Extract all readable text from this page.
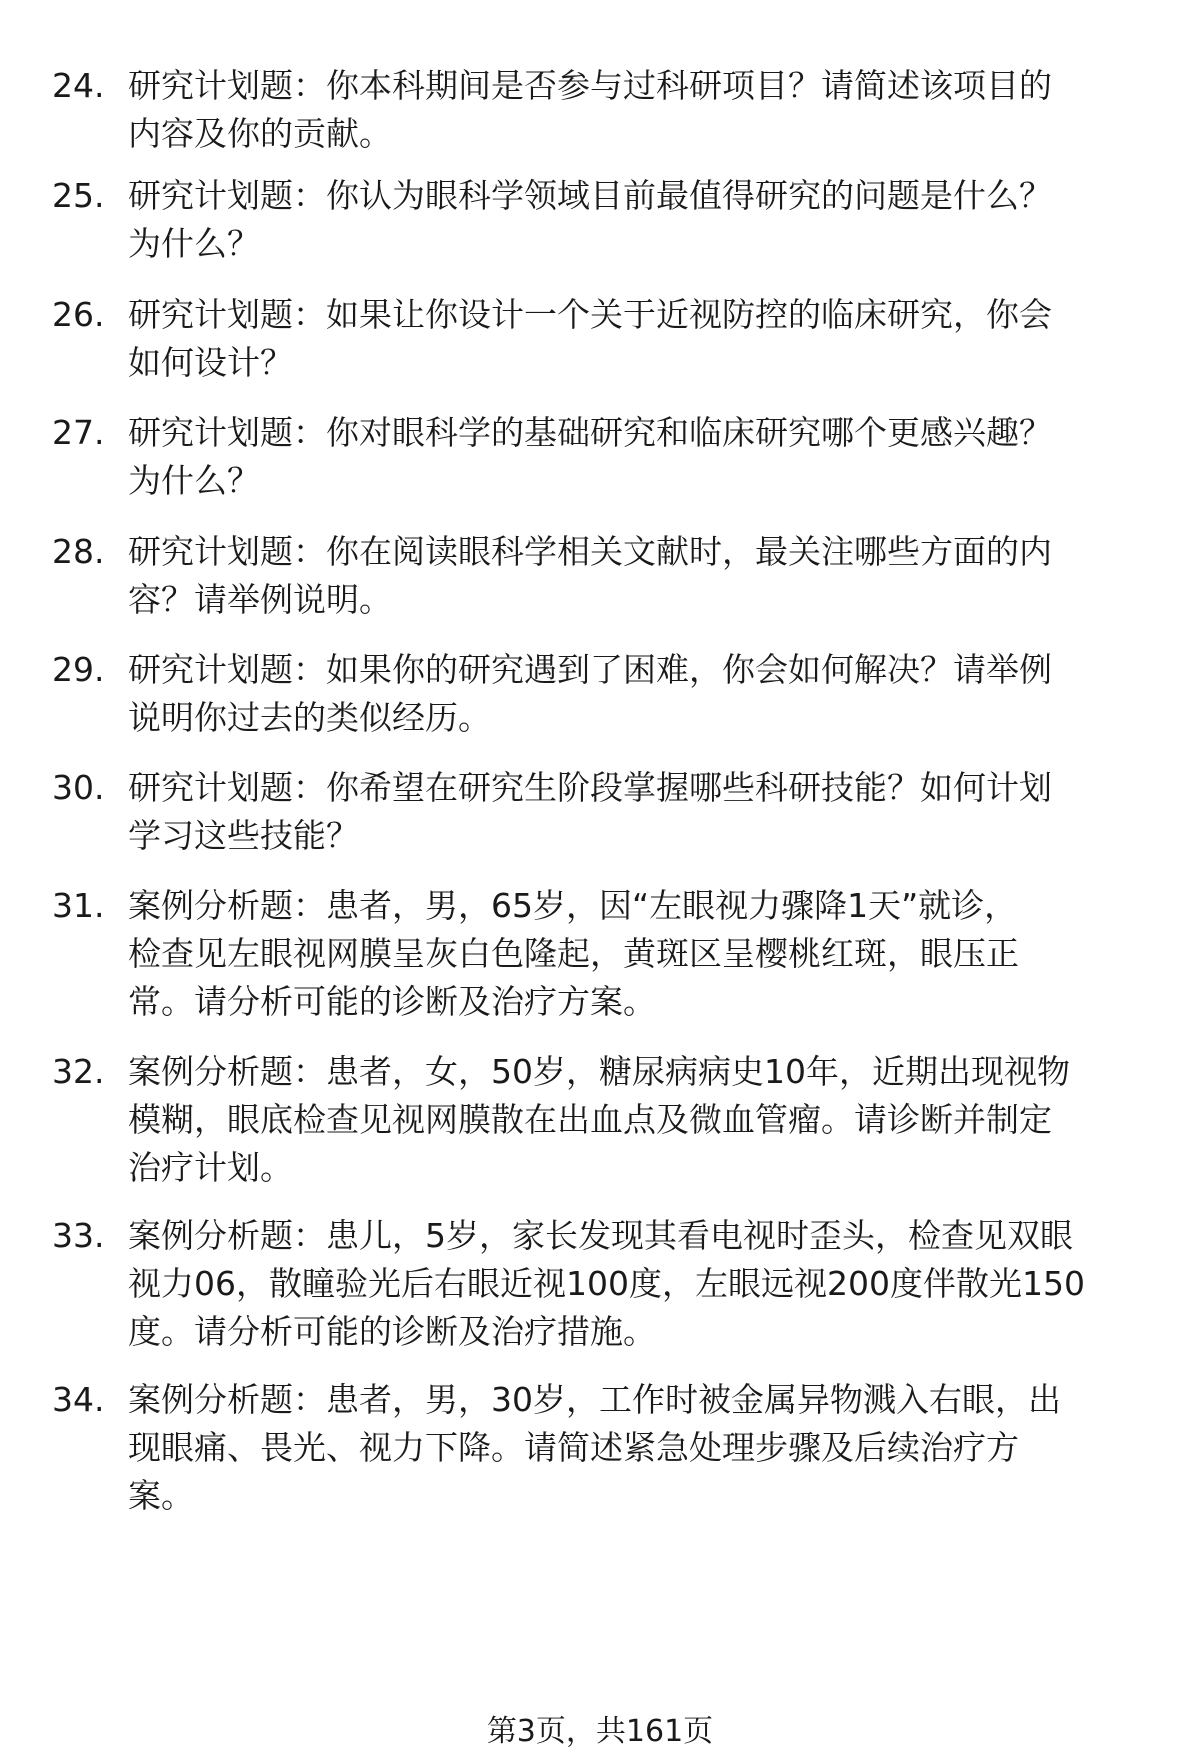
24. 研究计划题：你本科期间是否参与过科研项目？请简述该项目的
内容及你的贡献。
25. 研究计划题：你认为眼科学领域目前最值得研究的问题是什么？
为什么？
26. 研究计划题：如果让你设计一个关于近视防控的临床研究，你会
如何设计？
27. 研究计划题：你对眼科学的基础研究和临床研究哪个更感兴趣？
为什么？
28. 研究计划题：你在阅读眼科学相关文献时，最关注哪些方面的内
容？请举例说明。
29. 研究计划题：如果你的研究遇到了困难，你会如何解决？请举例
说明你过去的类似经历。
30. 研究计划题：你希望在研究生阶段掌握哪些科研技能？如何计划
学习这些技能？
31. 案例分析题：患者，男，65岁，因“左眼视力骤降1天”就诊，
检查见左眼视网膜呈灰白色隆起，黄斑区呈樱桃红斑，眼压正
常。请分析可能的诊断及治疗方案。
32. 案例分析题：患者，女，50岁，糖尿病病史10年，近期出现视物
模糊，眼底检查见视网膜散在出血点及微血管瘤。请诊断并制定
治疗计划。
33. 案例分析题：患儿，5岁，家长发现其看电视时歪头，检查见双眼
视力06，散瞳验光后右眼近视100度，左眼远视200度伴散光150
度。请分析可能的诊断及治疗措施。
34. 案例分析题：患者，男，30岁，工作时被金属异物溅入右眼，出
现眼痛、畏光、视力下降。请简述紧急处理步骤及后续治疗方
案。
第3页，共161页
